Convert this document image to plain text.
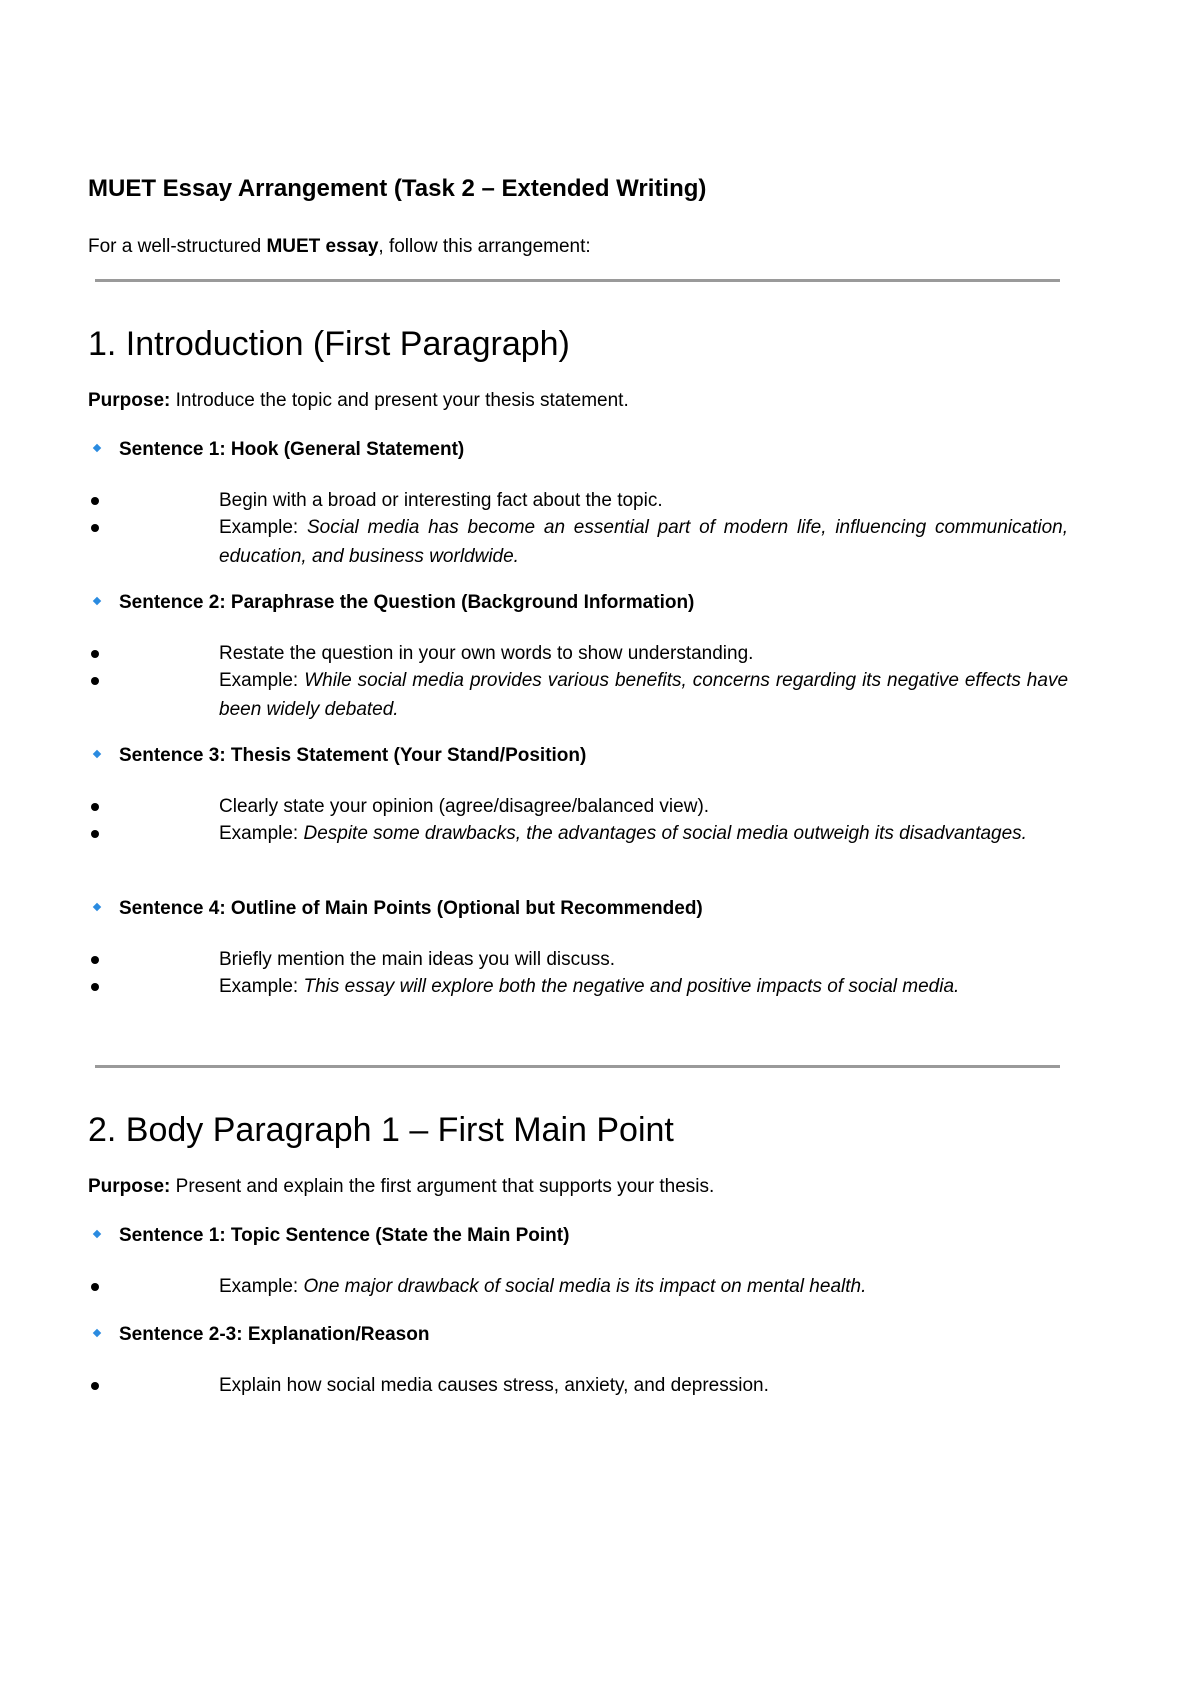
MUET Essay Arrangement (Task 2 – Extended Writing)
For a well-structured MUET essay, follow this arrangement:
1. Introduction (First Paragraph)
Purpose: Introduce the topic and present your thesis statement.
Sentence 1: Hook (General Statement)
Begin with a broad or interesting fact about the topic.
Example: Social media has become an essential part of modern life, influencing communication, education, and business worldwide.
Sentence 2: Paraphrase the Question (Background Information)
Restate the question in your own words to show understanding.
Example: While social media provides various benefits, concerns regarding its negative effects have been widely debated.
Sentence 3: Thesis Statement (Your Stand/Position)
Clearly state your opinion (agree/disagree/balanced view).
Example: Despite some drawbacks, the advantages of social media outweigh its disadvantages.
Sentence 4: Outline of Main Points (Optional but Recommended)
Briefly mention the main ideas you will discuss.
Example: This essay will explore both the negative and positive impacts of social media.
2. Body Paragraph 1 – First Main Point
Purpose: Present and explain the first argument that supports your thesis.
Sentence 1: Topic Sentence (State the Main Point)
Example: One major drawback of social media is its impact on mental health.
Sentence 2-3: Explanation/Reason
Explain how social media causes stress, anxiety, and depression.
